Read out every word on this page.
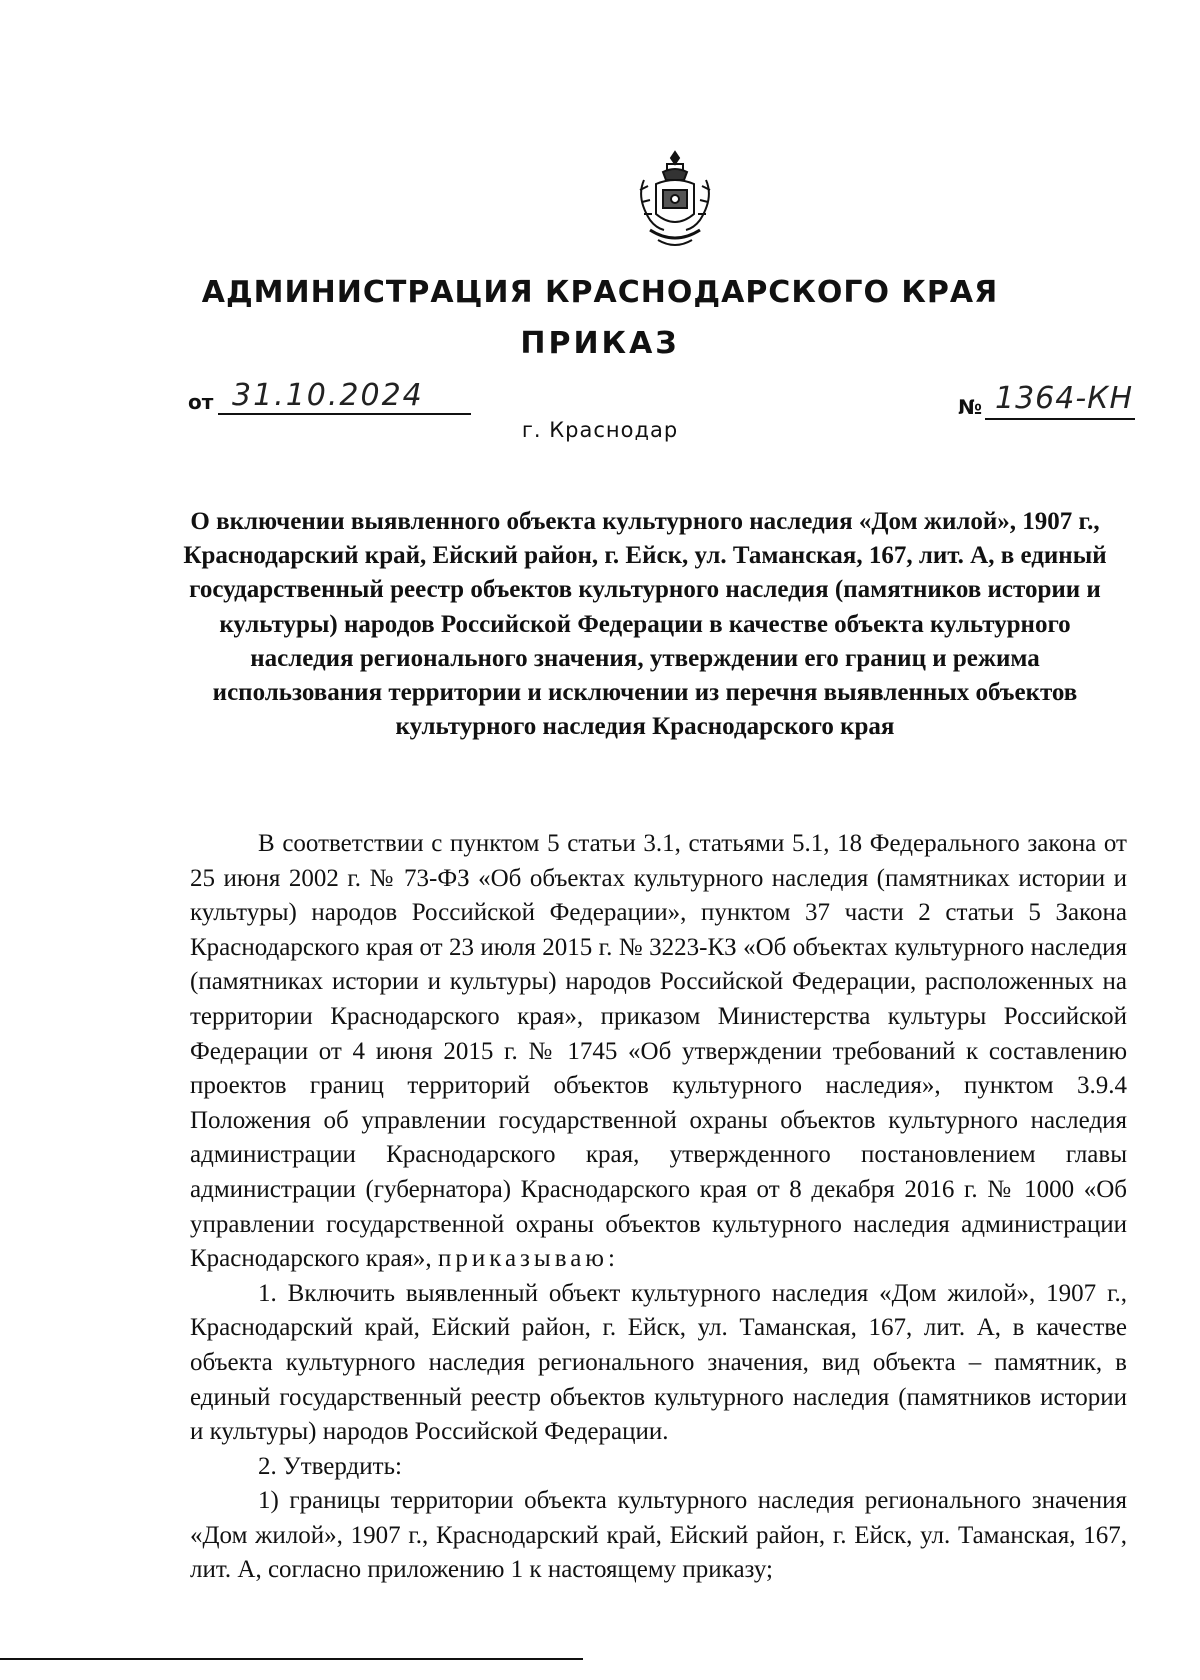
АДМИНИСТРАЦИЯ КРАСНОДАРСКОГО КРАЯ
ПРИКАЗ
от 31.10.2024	№ 1364-КН
г. Краснодар
О включении выявленного объекта культурного наследия «Дом жилой», 1907 г., Краснодарский край, Ейский район, г. Ейск, ул. Таманская, 167, лит. А, в единый государственный реестр объектов культурного наследия (памятников истории и культуры) народов Российской Федерации в качестве объекта культурного наследия регионального значения, утверждении его границ и режима использования территории и исключении из перечня выявленных объектов культурного наследия Краснодарского края

В соответствии с пунктом 5 статьи 3.1, статьями 5.1, 18 Федерального закона от 25 июня 2002 г. № 73-ФЗ «Об объектах культурного наследия (памятниках истории и культуры) народов Российской Федерации», пунктом 37 части 2 статьи 5 Закона Краснодарского края от 23 июля 2015 г. № 3223-КЗ «Об объектах культурного наследия (памятниках истории и культуры) народов Российской Федерации, расположенных на территории Краснодарского края», приказом Министерства культуры Российской Федерации от 4 июня 2015 г. № 1745 «Об утверждении требований к составлению проектов границ территорий объектов культурного наследия», пунктом 3.9.4 Положения об управлении государственной охраны объектов культурного наследия администрации Краснодарского края, утвержденного постановлением главы администрации (губернатора) Краснодарского края от 8 декабря 2016 г. № 1000 «Об управлении государственной охраны объектов культурного наследия администрации Краснодарского края», приказываю:

1. Включить выявленный объект культурного наследия «Дом жилой», 1907 г., Краснодарский край, Ейский район, г. Ейск, ул. Таманская, 167, лит. А, в качестве объекта культурного наследия регионального значения, вид объекта – памятник, в единый государственный реестр объектов культурного наследия (памятников истории и культуры) народов Российской Федерации.

2. Утвердить:

1) границы территории объекта культурного наследия регионального значения «Дом жилой», 1907 г., Краснодарский край, Ейский район, г. Ейск, ул. Таманская, 167, лит. А, согласно приложению 1 к настоящему приказу;
